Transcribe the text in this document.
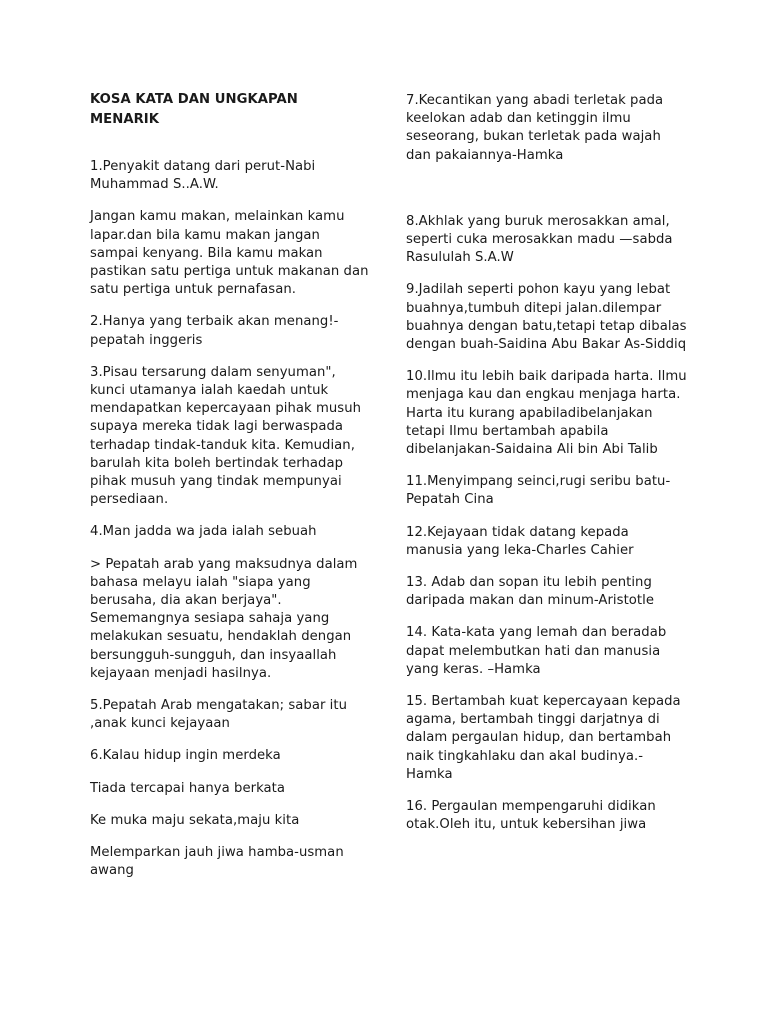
KOSA KATA DAN UNGKAPAN
MENARIK

1.Penyakit datang dari perut-Nabi Muhammad S..A.W.

Jangan kamu makan, melainkan kamu lapar.dan bila kamu makan jangan sampai kenyang. Bila kamu makan pastikan satu pertiga untuk makanan dan satu pertiga untuk pernafasan.

2.Hanya yang terbaik akan menang!-pepatah inggeris

3.Pisau tersarung dalam senyuman", kunci utamanya ialah kaedah untuk mendapatkan kepercayaan pihak musuh supaya mereka tidak lagi berwaspada terhadap tindak-tanduk kita. Kemudian, barulah kita boleh bertindak terhadap pihak musuh yang tindak mempunyai persediaan.

4.Man jadda wa jada ialah sebuah

> Pepatah arab yang maksudnya dalam bahasa melayu ialah "siapa yang berusaha, dia akan berjaya". Sememangnya sesiapa sahaja yang melakukan sesuatu, hendaklah dengan bersungguh-sungguh, dan insyaallah kejayaan menjadi hasilnya.

5.Pepatah Arab mengatakan; sabar itu ,anak kunci kejayaan

6.Kalau hidup ingin merdeka

Tiada tercapai hanya berkata

Ke muka maju sekata,maju kita

Melemparkan jauh jiwa hamba-usman awang

7.Kecantikan yang abadi terletak pada keelokan adab dan ketinggin ilmu seseorang, bukan terletak pada wajah dan pakaiannya-Hamka

8.Akhlak yang buruk merosakkan amal, seperti cuka merosakkan madu —sabda Rasululah S.A.W

9.Jadilah seperti pohon kayu yang lebat buahnya,tumbuh ditepi jalan.dilempar buahnya dengan batu,tetapi tetap dibalas dengan buah-Saidina Abu Bakar As-Siddiq

10.Ilmu itu lebih baik daripada harta. Ilmu menjaga kau dan engkau menjaga harta. Harta itu kurang apabiladibelanjakan tetapi Ilmu bertambah apabila dibelanjakan-Saidaina Ali bin Abi Talib

11.Menyimpang seinci,rugi seribu batu-Pepatah Cina

12.Kejayaan tidak datang kepada manusia yang leka-Charles Cahier

13. Adab dan sopan itu lebih penting daripada makan dan minum-Aristotle

14. Kata-kata yang lemah dan beradab dapat melembutkan hati dan manusia yang keras. –Hamka

15. Bertambah kuat kepercayaan kepada agama, bertambah tinggi darjatnya di dalam pergaulan hidup, dan bertambah naik tingkahlaku dan akal budinya.-Hamka

16. Pergaulan mempengaruhi didikan otak.Oleh itu, untuk kebersihan jiwa
